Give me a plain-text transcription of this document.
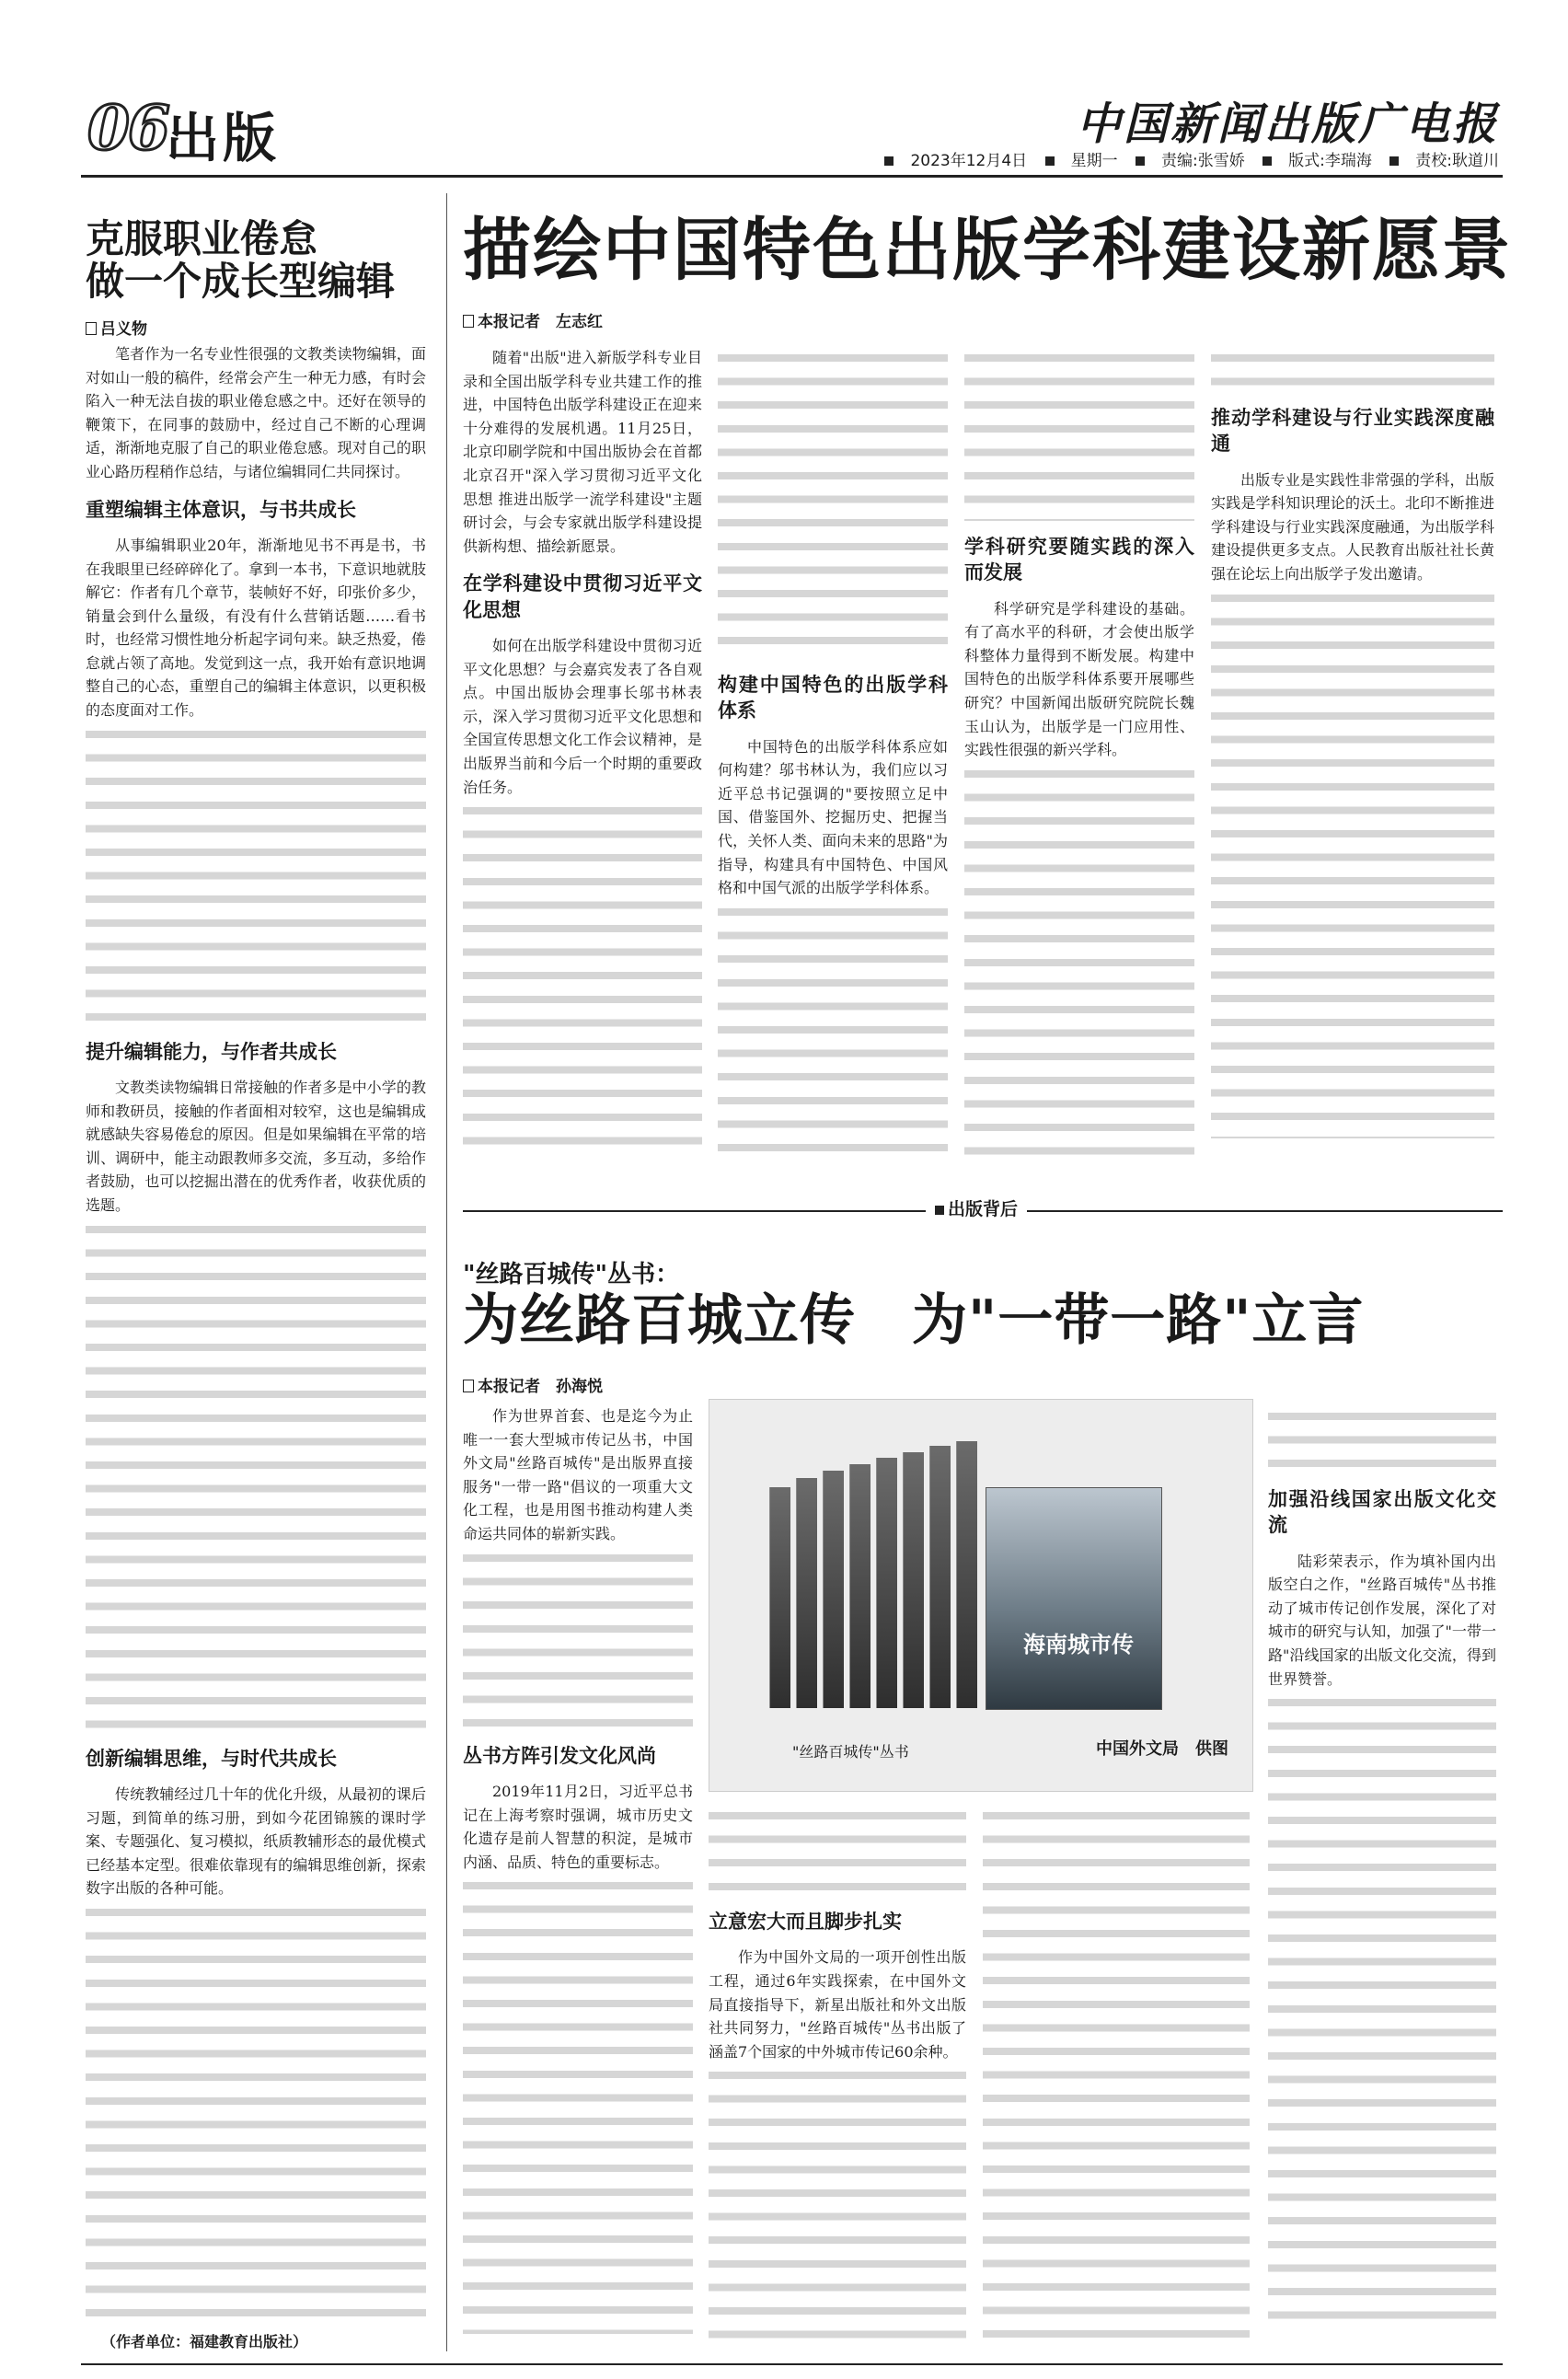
06
出版	中国新闻出版广电报
2023年12月4日	星期一	责编:张雪娇	版式:李瑞海	责校:耿道川
克服职业倦怠
做一个成长型编辑
吕义物

笔者作为一名专业性很强的文教类读物编辑，面对如山一般的稿件，经常会产生一种无力感，有时会陷入一种无法自拔的职业倦怠感之中。还好在领导的鞭策下，在同事的鼓励中，经过自己不断的心理调适，渐渐地克服了自己的职业倦怠感。现对自己的职业心路历程稍作总结，与诸位编辑同仁共同探讨。

重塑编辑主体意识，与书共成长

从事编辑职业20年，渐渐地见书不再是书，书在我眼里已经碎碎化了。拿到一本书，下意识地就肢解它：作者有几个章节，装帧好不好，印张价多少，销量会到什么量级，有没有什么营销话题……看书时，也经常习惯性地分析起字词句来。缺乏热爱，倦怠就占领了高地。发觉到这一点，我开始有意识地调整自己的心态，重塑自己的编辑主体意识，以更积极的态度面对工作。

提升编辑能力，与作者共成长

文教类读物编辑日常接触的作者多是中小学的教师和教研员，接触的作者面相对较窄，这也是编辑成就感缺失容易倦怠的原因。但是如果编辑在平常的培训、调研中，能主动跟教师多交流，多互动，多给作者鼓励，也可以挖掘出潜在的优秀作者，收获优质的选题。

创新编辑思维，与时代共成长

传统教辅经过几十年的优化升级，从最初的课后习题，到简单的练习册，到如今花团锦簇的课时学案、专题强化、复习模拟，纸质教辅形态的最优模式已经基本定型。很难依靠现有的编辑思维创新，探索数字出版的各种可能。

（作者单位：福建教育出版社）
描绘中国特色出版学科建设新愿景
本报记者　左志红

随着"出版"进入新版学科专业目录和全国出版学科专业共建工作的推进，中国特色出版学科建设正在迎来十分难得的发展机遇。11月25日，北京印刷学院和中国出版协会在首都北京召开"深入学习贯彻习近平文化思想 推进出版学一流学科建设"主题研讨会，与会专家就出版学科建设提供新构想、描绘新愿景。

在学科建设中贯彻习近平文化思想

如何在出版学科建设中贯彻习近平文化思想？与会嘉宾发表了各自观点。中国出版协会理事长邬书林表示，深入学习贯彻习近平文化思想和全国宣传思想文化工作会议精神，是出版界当前和今后一个时期的重要政治任务。

构建中国特色的出版学科体系

中国特色的出版学科体系应如何构建？邬书林认为，我们应以习近平总书记强调的"要按照立足中国、借鉴国外、挖掘历史、把握当代，关怀人类、面向未来的思路"为指导，构建具有中国特色、中国风格和中国气派的出版学学科体系。

学科研究要随实践的深入而发展

科学研究是学科建设的基础。有了高水平的科研，才会使出版学科整体力量得到不断发展。构建中国特色的出版学科体系要开展哪些研究？中国新闻出版研究院院长魏玉山认为，出版学是一门应用性、实践性很强的新兴学科。

推动学科建设与行业实践深度融通

出版专业是实践性非常强的学科，出版实践是学科知识理论的沃土。北印不断推进学科建设与行业实践深度融通，为出版学科建设提供更多支点。人民教育出版社社长黄强在论坛上向出版学子发出邀请。

出版背后
"丝路百城传"丛书：
为丝路百城立传　为"一带一路"立言
本报记者　孙海悦

作为世界首套、也是迄今为止唯一一套大型城市传记丛书，中国外文局"丝路百城传"是出版界直接服务"一带一路"倡议的一项重大文化工程，也是用图书推动构建人类命运共同体的崭新实践。

丛书方阵引发文化风尚

2019年11月2日，习近平总书记在上海考察时强调，城市历史文化遗存是前人智慧的积淀，是城市内涵、品质、特色的重要标志。

海南城市传
"丝路百城传"丛书	中国外文局　供图
立意宏大而且脚步扎实

作为中国外文局的一项开创性出版工程，通过6年实践探索，在中国外文局直接指导下，新星出版社和外文出版社共同努力，"丝路百城传"丛书出版了涵盖7个国家的中外城市传记60余种。

加强沿线国家出版文化交流

陆彩荣表示，作为填补国内出版空白之作，"丝路百城传"丛书推动了城市传记创作发展，深化了对城市的研究与认知，加强了"一带一路"沿线国家的出版文化交流，得到世界赞誉。
